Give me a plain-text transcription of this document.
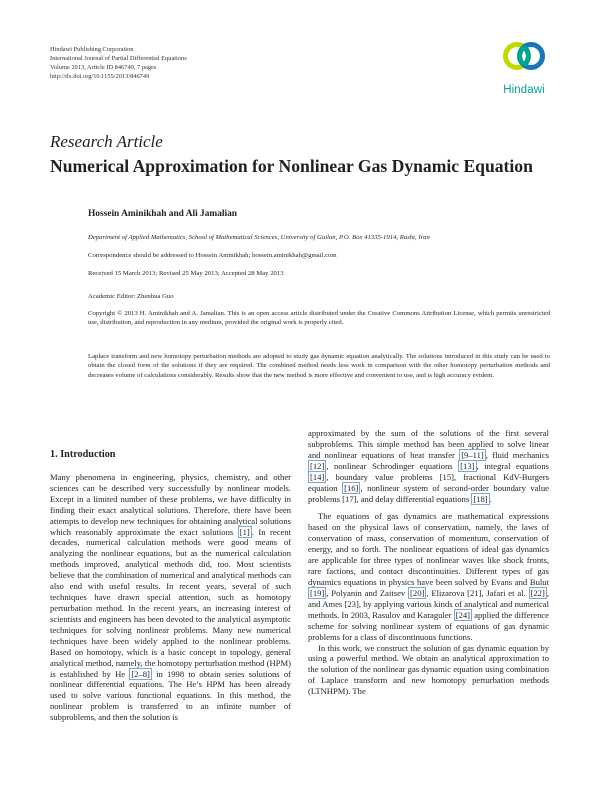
Hindawi Publishing Corporation
International Journal of Partial Differential Equations
Volume 2013, Article ID 846749, 7 pages
http://dx.doi.org/10.1155/2013/846749
Hindawi
Research Article
Numerical Approximation for Nonlinear Gas Dynamic Equation
Hossein Aminikhah and Ali Jamalian
Department of Applied Mathematics, School of Mathematical Sciences, University of Guilan, P.O. Box 41335-1914, Rasht, Iran
Correspondence should be addressed to Hossein Aminikhah; hossein.aminikhah@gmail.com
Received 15 March 2013; Revised 25 May 2013; Accepted 28 May 2013
Academic Editor: Zhenhua Guo
Copyright © 2013 H. Aminikhah and A. Jamalian. This is an open access article distributed under the Creative Commons Attribution License, which permits unrestricted use, distribution, and reproduction in any medium, provided the original work is properly cited.
Laplace transform and new homotopy perturbation methods are adopted to study gas dynamic equation analytically. The solutions introduced in this study can be used to obtain the closed form of the solutions if they are required. The combined method needs less work in comparison with the other homotopy perturbation methods and decreases volume of calculations considerably. Results show that the new method is more effective and convenient to use, and is high accuracy evident.
1. Introduction

Many phenomena in engineering, physics, chemistry, and other sciences can be described very successfully by nonlinear models. Except in a limited number of these problems, we have difficulty in finding their exact analytical solutions. Therefore, there have been attempts to develop new techniques for obtaining analytical solutions which reasonably approximate the exact solutions [1] . In recent decades, numerical calculation methods were good means of analyzing the nonlinear equations, but as the numerical calculation methods improved, analytical methods did, too. Most scientists believe that the combination of numerical and analytical methods can also end with useful results. In recent years, several of such techniques have drawn special attention, such as homotopy perturbation method. In the recent years, an increasing interest of scientists and engineers has been devoted to the analytical asymptotic techniques for solving nonlinear problems. Many new numerical techniques have been widely applied to the nonlinear problems. Based on homotopy, which is a basic concept in topology, general analytical method, namely, the homotopy perturbation method (HPM) is established by He [2–8] in 1998 to obtain series solutions of nonlinear differential equations. The He’s HPM has been already used to solve various functional equations. In this method, the nonlinear problem is transferred to an infinite number of subproblems, and then the solution is

approximated by the sum of the solutions of the first several subproblems. This simple method has been applied to solve linear and nonlinear equations of heat transfer [9–11] , fluid mechanics [12] , nonlinear Schrodinger equations [13] , integral equations [14] , boundary value problems [15], fractional KdV-Burgers equation [16] , nonlinear system of second-order boundary value problems [17], and delay differential equations [18] .

The equations of gas dynamics are mathematical expressions based on the physical laws of conservation, namely, the laws of conservation of mass, conservation of momentum, conservation of energy, and so forth. The nonlinear equations of ideal gas dynamics are applicable for three types of nonlinear waves like shock fronts, rare factions, and contact discontinuities. Different types of gas dynamics equations in physics have been solved by Evans and Bulut [19] , Polyanin and Zaitsev [20] , Elizarova [21], Jafari et al. [22] , and Ames [23], by applying various kinds of analytical and numerical methods. In 2003, Rasulov and Karaguler [24] applied the difference scheme for solving nonlinear system of equations of gas dynamic problems for a class of discontinuous functions.

In this work, we construct the solution of gas dynamic equation by using a powerful method. We obtain an analytical approximation to the solution of the nonlinear gas dynamic equation using combination of Laplace transform and new homotopy perturbation methods (LTNHPM). The
